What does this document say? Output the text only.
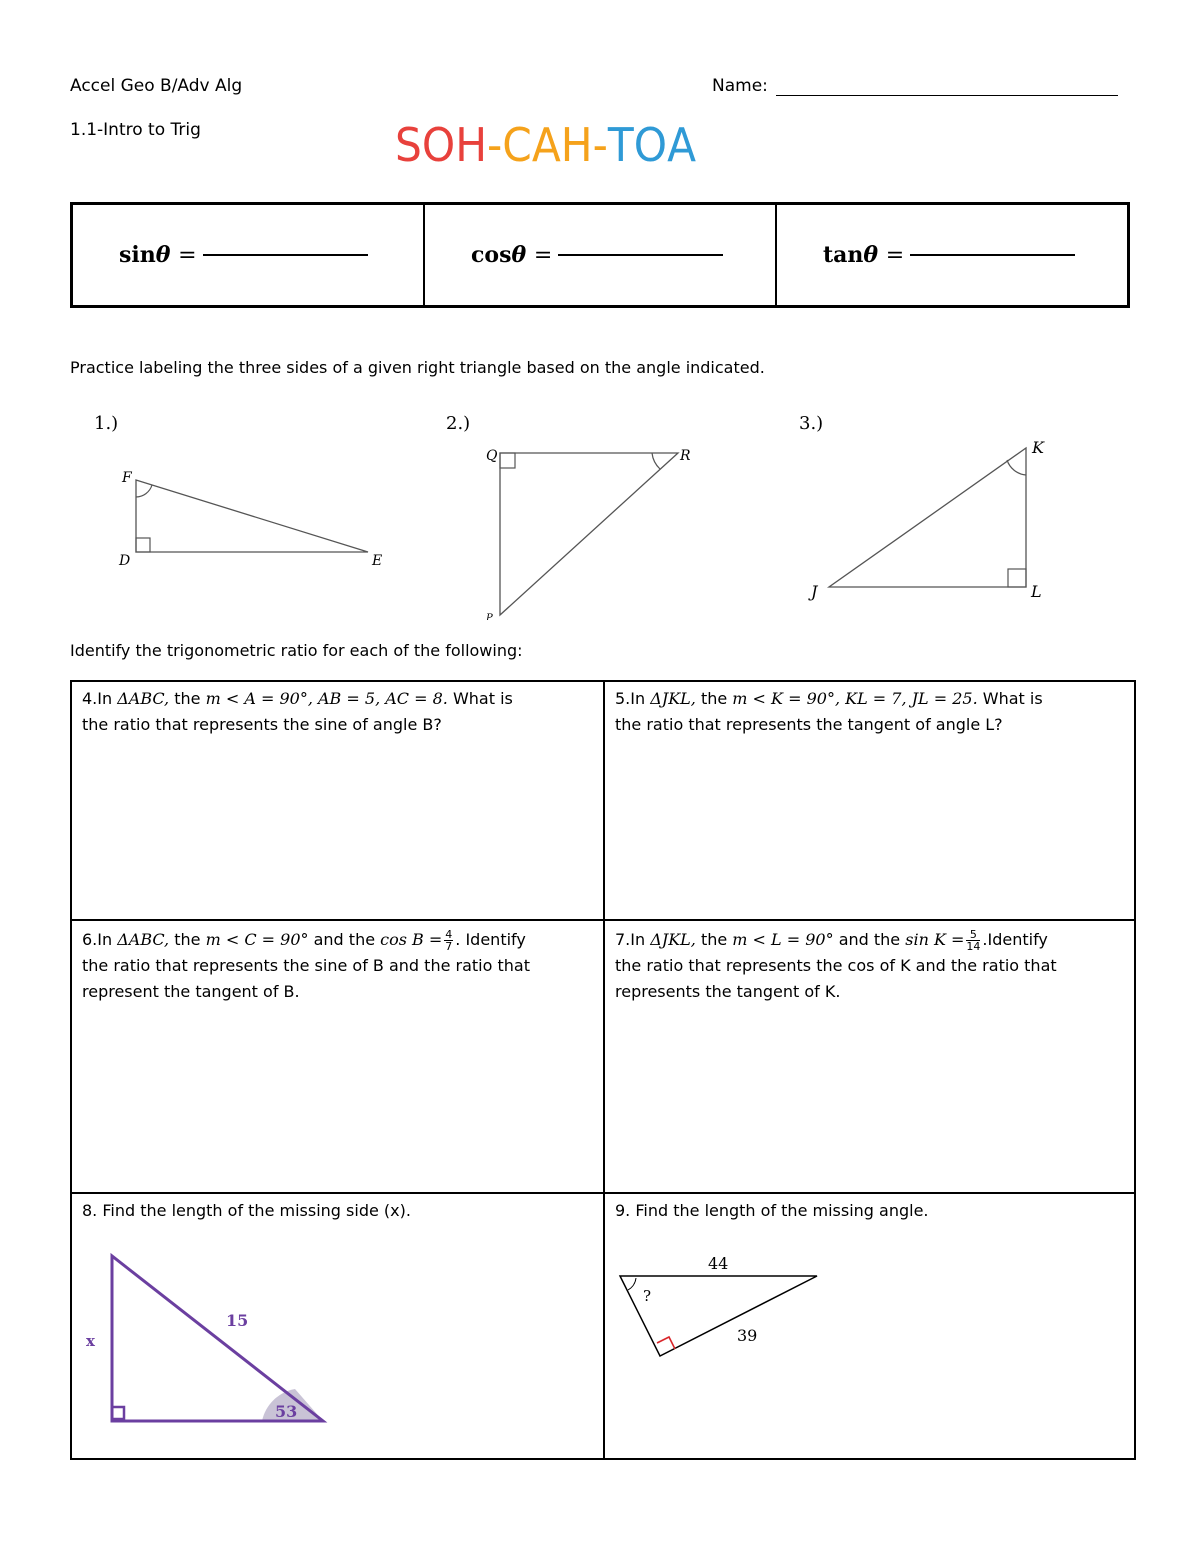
Accel Geo B/Adv Alg
1.1-Intro to Trig
Name:
SOH-CAH-TOA
sinθ =	cosθ =	tanθ =
Practice labeling the three sides of a given right triangle based on the angle indicated.
1.)
F
D	E
2.)
Q	R
P
3.)
K
J	L
Identify the trigonometric ratio for each of the following:
4.In ΔABC, the m < A = 90°, AB = 5, AC = 8. What is
the ratio that represents the sine of angle B?
5.In ΔJKL, the m < K = 90°, KL = 7, JL = 25. What is
the ratio that represents the tangent of angle L?
6.In ΔABC, the m < C = 90° and the $\cos B = \frac{4}{7}$ . Identify
the ratio that represents the sine of B and the ratio that
represent the tangent of B.
7.In ΔJKL, the m < L = 90° and the $\sin K = \frac{5}{14}$ .Identify
the ratio that represents the cos of K and the ratio that
represents the tangent of K.
8. Find the length of the missing side (x).
x
15
53
9. Find the length of the missing angle.
44
39
?
